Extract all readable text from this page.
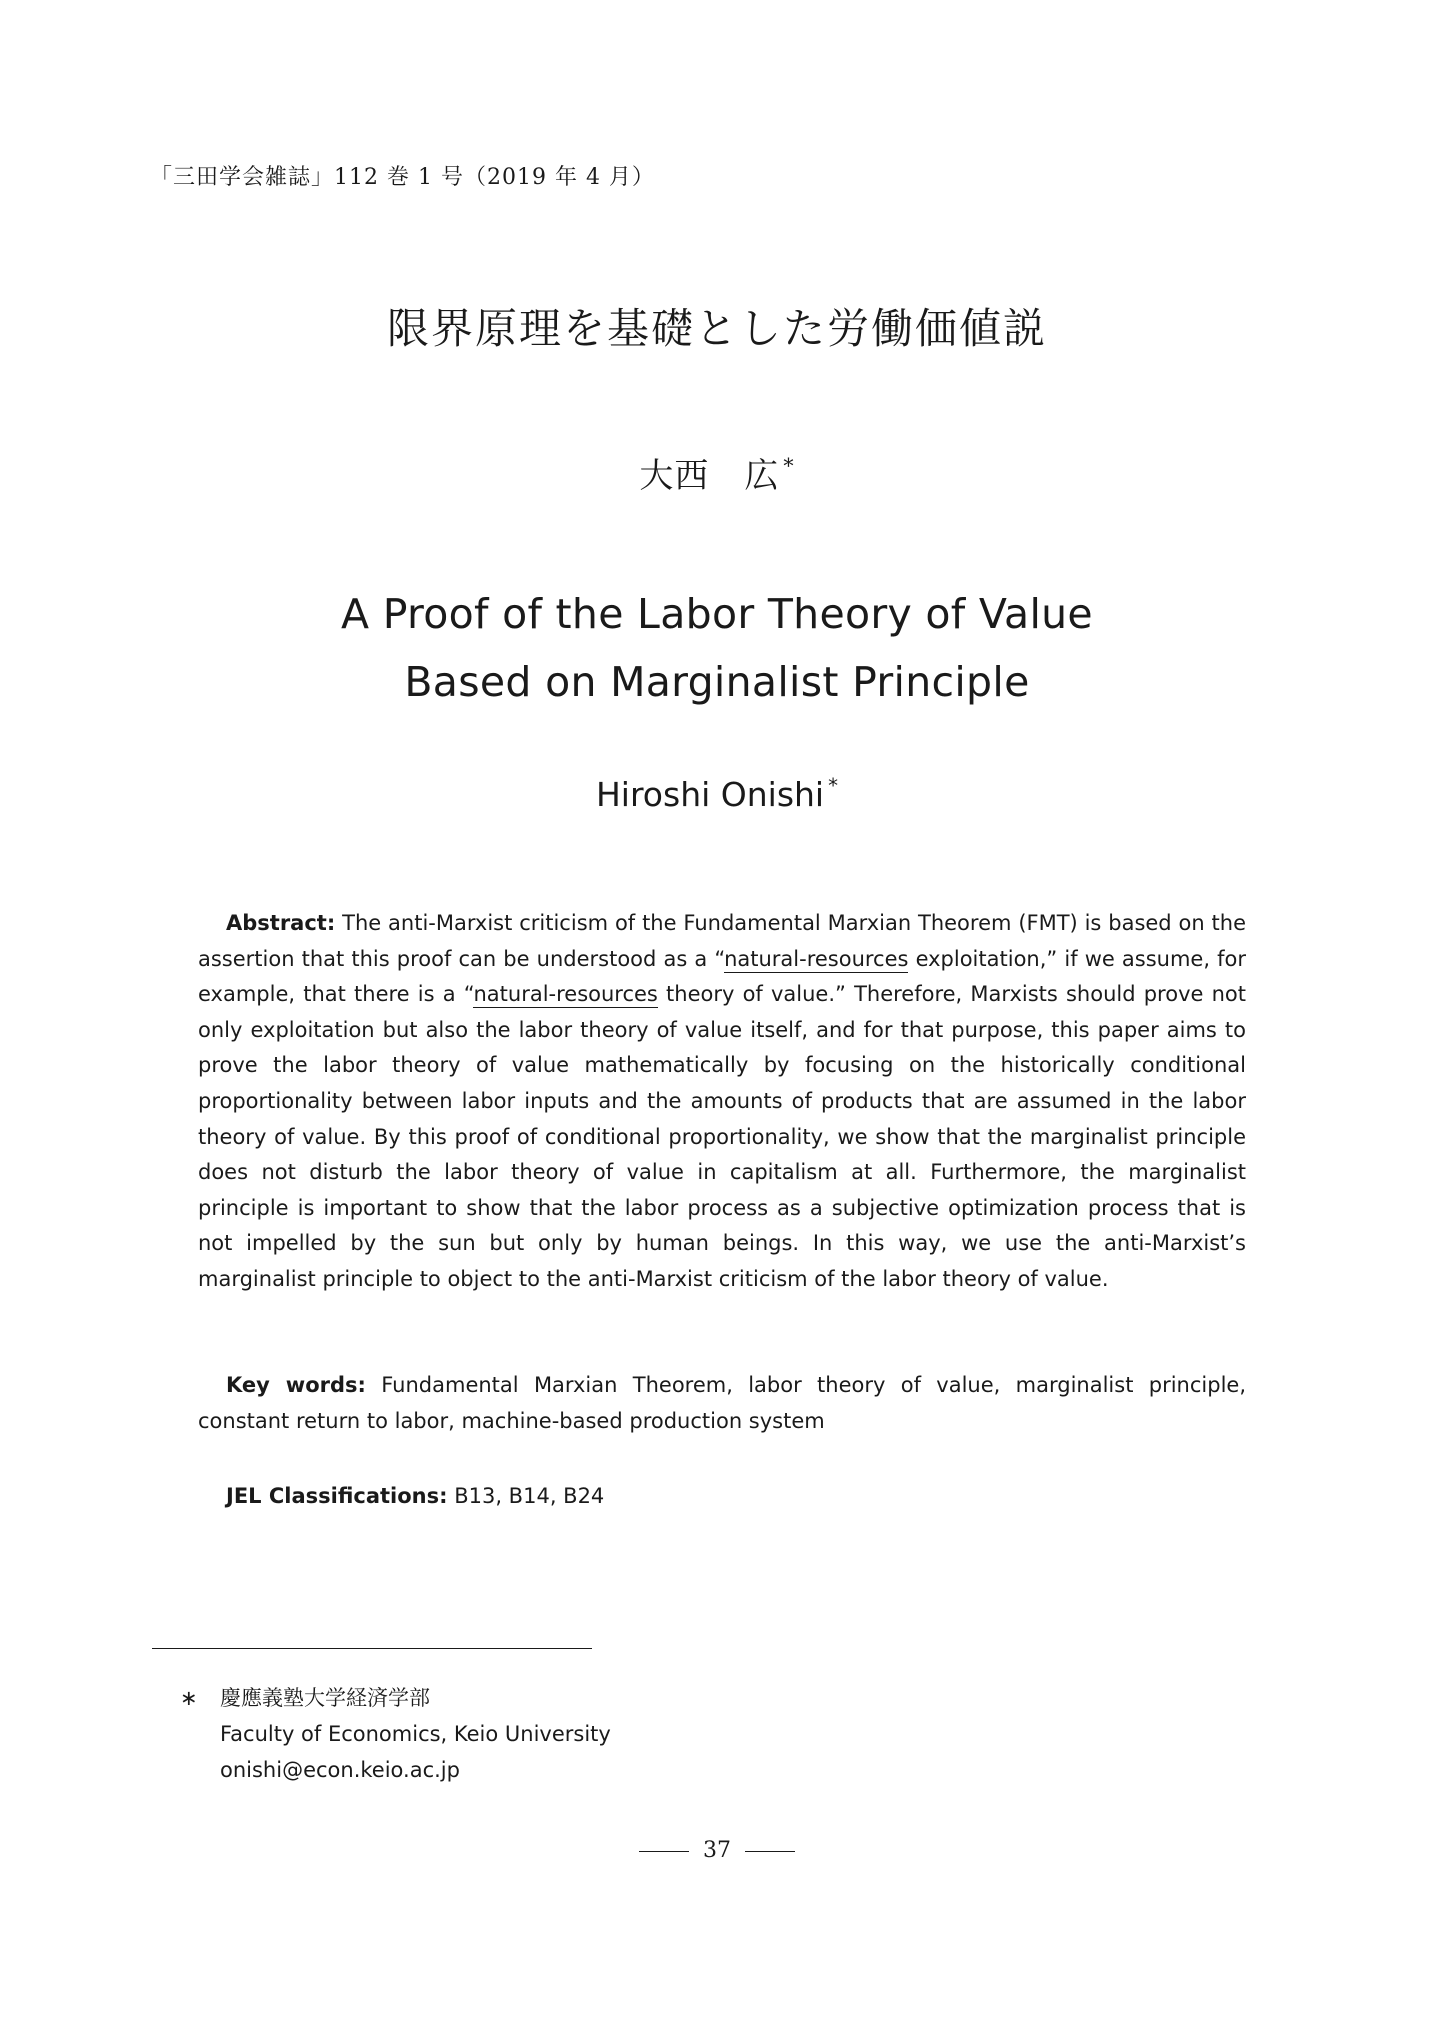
「三田学会雑誌」112 巻 1 号（2019 年 4 月）
限界原理を基礎とした労働価値説
大西　広 *
A Proof of the Labor Theory of Value
Based on Marginalist Principle
Hiroshi Onishi *

Abstract: The anti-Marxist criticism of the Fundamental Marxian Theorem (FMT) is based on the assertion that this proof can be understood as a “natural-resources exploitation,” if we assume, for example, that there is a “natural-resources theory of value.” Therefore, Marxists should prove not only exploitation but also the labor theory of value itself, and for that purpose, this paper aims to prove the labor theory of value mathematically by focusing on the historically conditional proportionality between labor inputs and the amounts of products that are assumed in the labor theory of value. By this proof of conditional proportionality, we show that the marginalist principle does not disturb the labor theory of value in capitalism at all. Furthermore, the marginalist principle is important to show that the labor process as a subjective optimization process that is not impelled by the sun but only by human beings. In this way, we use the anti-Marxist’s marginalist principle to object to the anti-Marxist criticism of the labor theory of value.

Key words: Fundamental Marxian Theorem, labor theory of value, marginalist principle, constant return to labor, machine-based production system

JEL Classifications: B13, B14, B24

∗ 慶應義塾大学経済学部
Faculty of Economics, Keio University
onishi@econ.keio.ac.jp
37
